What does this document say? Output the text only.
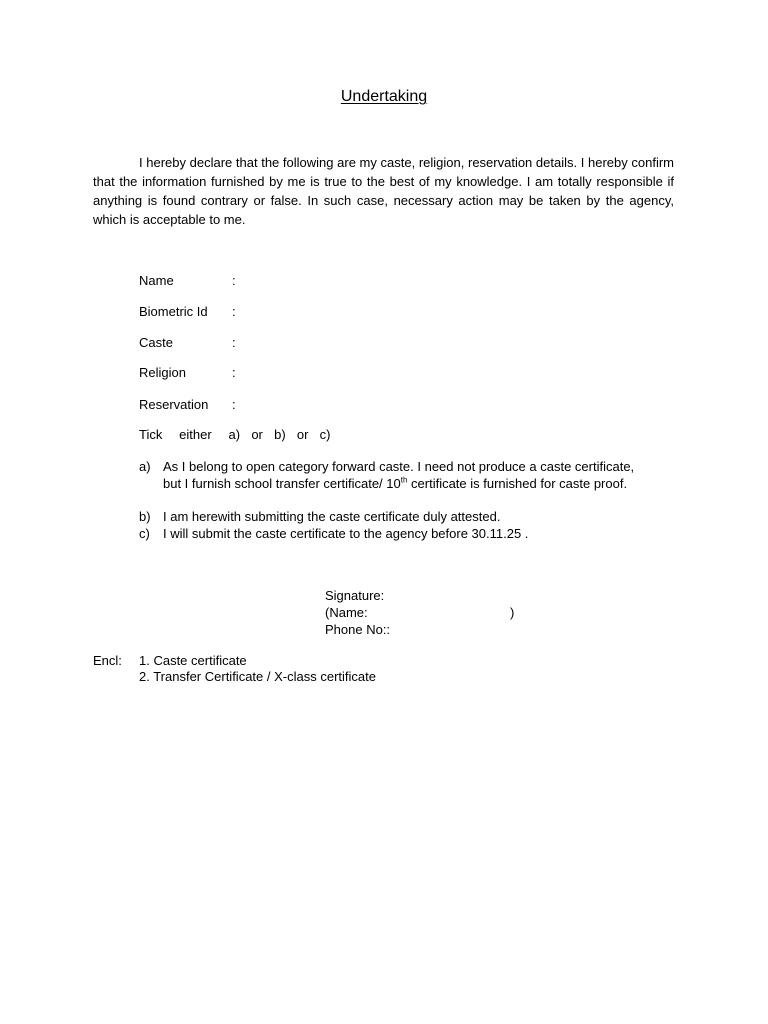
Undertaking

I hereby declare that the following are my caste, religion, reservation details. I hereby confirm that the information furnished by me is true to the best of my knowledge. I am totally responsible if anything is found contrary or false. In such case, necessary action may be taken by the agency, which is acceptable to me.

Name	:
Biometric Id :
Caste	:
Religion	:
Reservation :
Tick   either   a)  or  b)  or  c)
a) As I belong to open category forward caste. I need not produce a caste certificate,
but I furnish school transfer certificate/ 10th certificate is furnished for caste proof.
b) I am herewith submitting the caste certificate duly attested.
c) I will submit the caste certificate to the agency before 30.11.25 .
Signature:
(Name:	)
Phone No::
Encl: 1. Caste certificate
2. Transfer Certificate / X-class certificate
